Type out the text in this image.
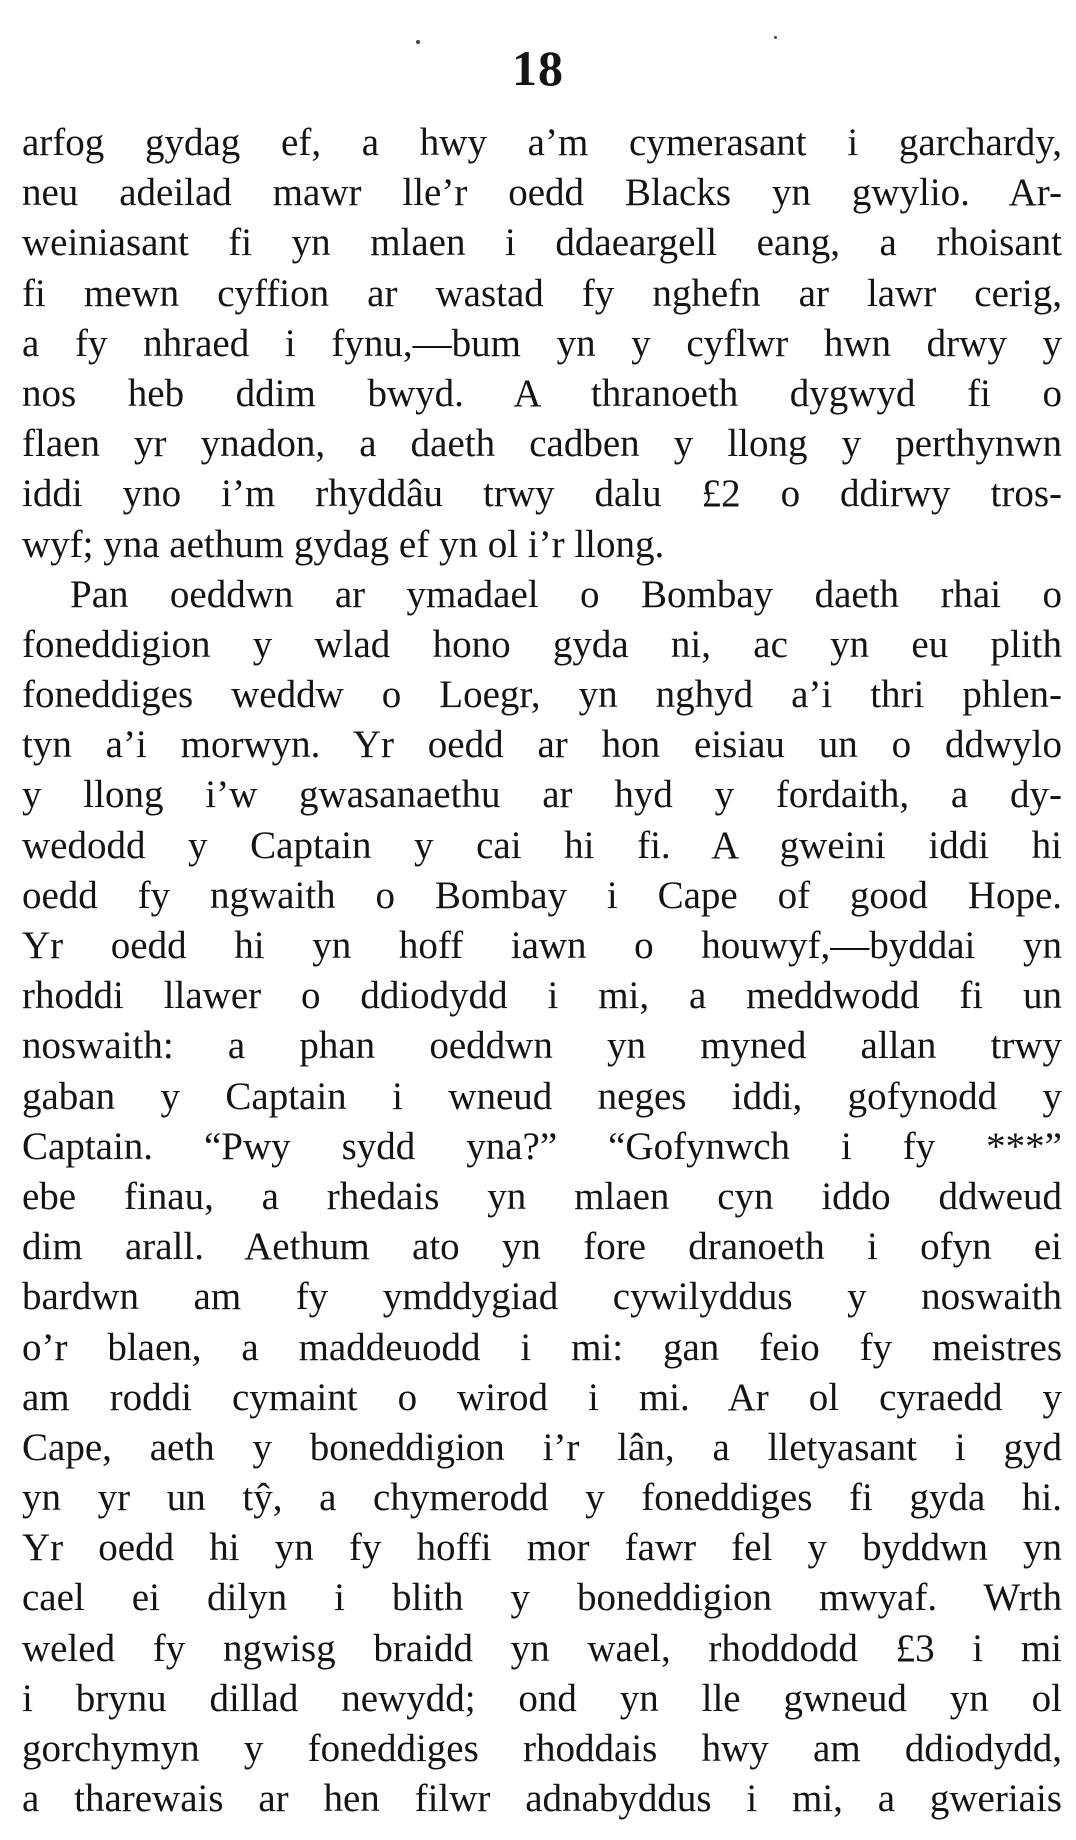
18
arfog gydag ef, a hwy a’m cymerasant i garchardy,
neu adeilad mawr lle’r oedd Blacks yn gwylio. Ar-
weiniasant fi yn mlaen i ddaeargell eang, a rhoisant
fi mewn cyffion ar wastad fy nghefn ar lawr cerig,
a fy nhraed i fynu,—bum yn y cyflwr hwn drwy y
nos heb ddim bwyd. A thranoeth dygwyd fi o
flaen yr ynadon, a daeth cadben y llong y perthynwn
iddi yno i’m rhyddâu trwy dalu £2 o ddirwy tros-
wyf; yna aethum gydag ef yn ol i’r llong.
Pan oeddwn ar ymadael o Bombay daeth rhai o
foneddigion y wlad hono gyda ni, ac yn eu plith
foneddiges weddw o Loegr, yn nghyd a’i thri phlen-
tyn a’i morwyn. Yr oedd ar hon eisiau un o ddwylo
y llong i’w gwasanaethu ar hyd y fordaith, a dy-
wedodd y Captain y cai hi fi. A gweini iddi hi
oedd fy ngwaith o Bombay i Cape of good Hope.
Yr oedd hi yn hoff iawn o houwyf,—byddai yn
rhoddi llawer o ddiodydd i mi, a meddwodd fi un
noswaith: a phan oeddwn yn myned allan trwy
gaban y Captain i wneud neges iddi, gofynodd y
Captain. “Pwy sydd yna?” “Gofynwch i fy ***”
ebe finau, a rhedais yn mlaen cyn iddo ddweud
dim arall. Aethum ato yn fore dranoeth i ofyn ei
bardwn am fy ymddygiad cywilyddus y noswaith
o’r blaen, a maddeuodd i mi: gan feio fy meistres
am roddi cymaint o wirod i mi. Ar ol cyraedd y
Cape, aeth y boneddigion i’r lân, a lletyasant i gyd
yn yr un tŷ, a chymerodd y foneddiges fi gyda hi.
Yr oedd hi yn fy hoffi mor fawr fel y byddwn yn
cael ei dilyn i blith y boneddigion mwyaf. Wrth
weled fy ngwisg braidd yn wael, rhoddodd £3 i mi
i brynu dillad newydd; ond yn lle gwneud yn ol
gorchymyn y foneddiges rhoddais hwy am ddiodydd,
a tharewais ar hen filwr adnabyddus i mi, a gweriais
